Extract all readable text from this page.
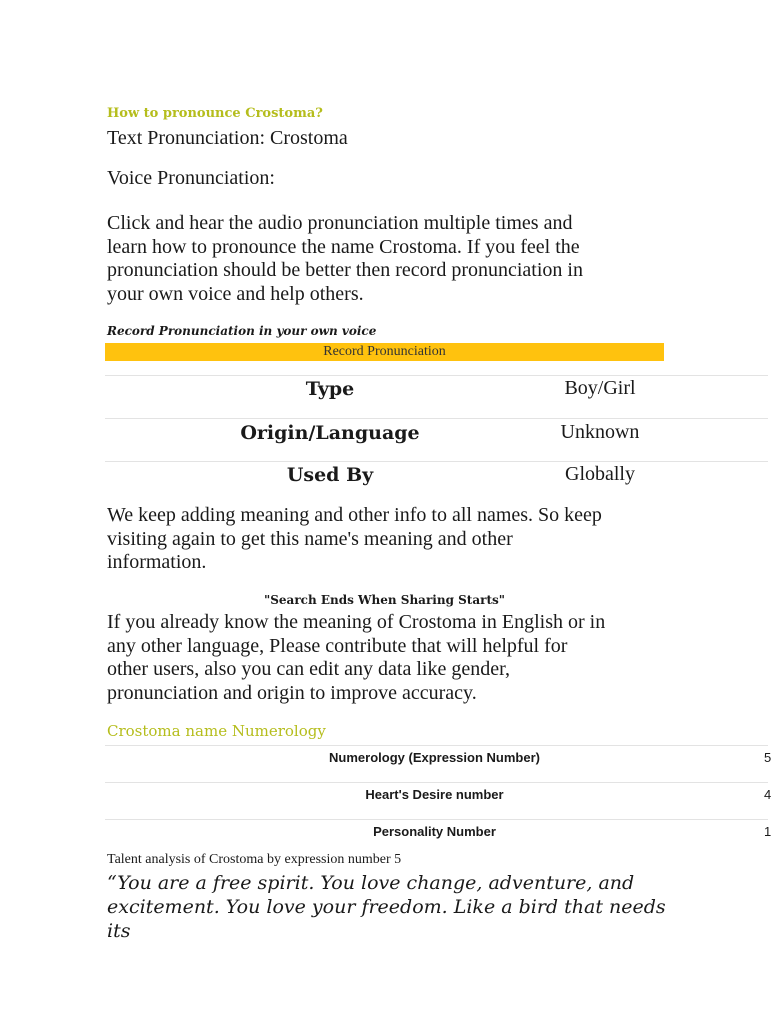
How to pronounce Crostoma?
Text Pronunciation: Crostoma
Voice Pronunciation:
Click and hear the audio pronunciation multiple times and
learn how to pronounce the name Crostoma. If you feel the
pronunciation should be better then record pronunciation in
your own voice and help others.
Record Pronunciation in your own voice
Record Pronunciation
Type	Boy/Girl
Origin/Language	Unknown
Used By	Globally
We keep adding meaning and other info to all names. So keep
visiting again to get this name's meaning and other
information.
"Search Ends When Sharing Starts"
If you already know the meaning of Crostoma in English or in
any other language, Please contribute that will helpful for
other users, also you can edit any data like gender,
pronunciation and origin to improve accuracy.
Crostoma name Numerology
Numerology (Expression Number)	5
Heart's Desire number	4
Personality Number	1
Talent analysis of Crostoma by expression number 5
“You are a free spirit. You love change, adventure, and
excitement. You love your freedom. Like a bird that needs its
